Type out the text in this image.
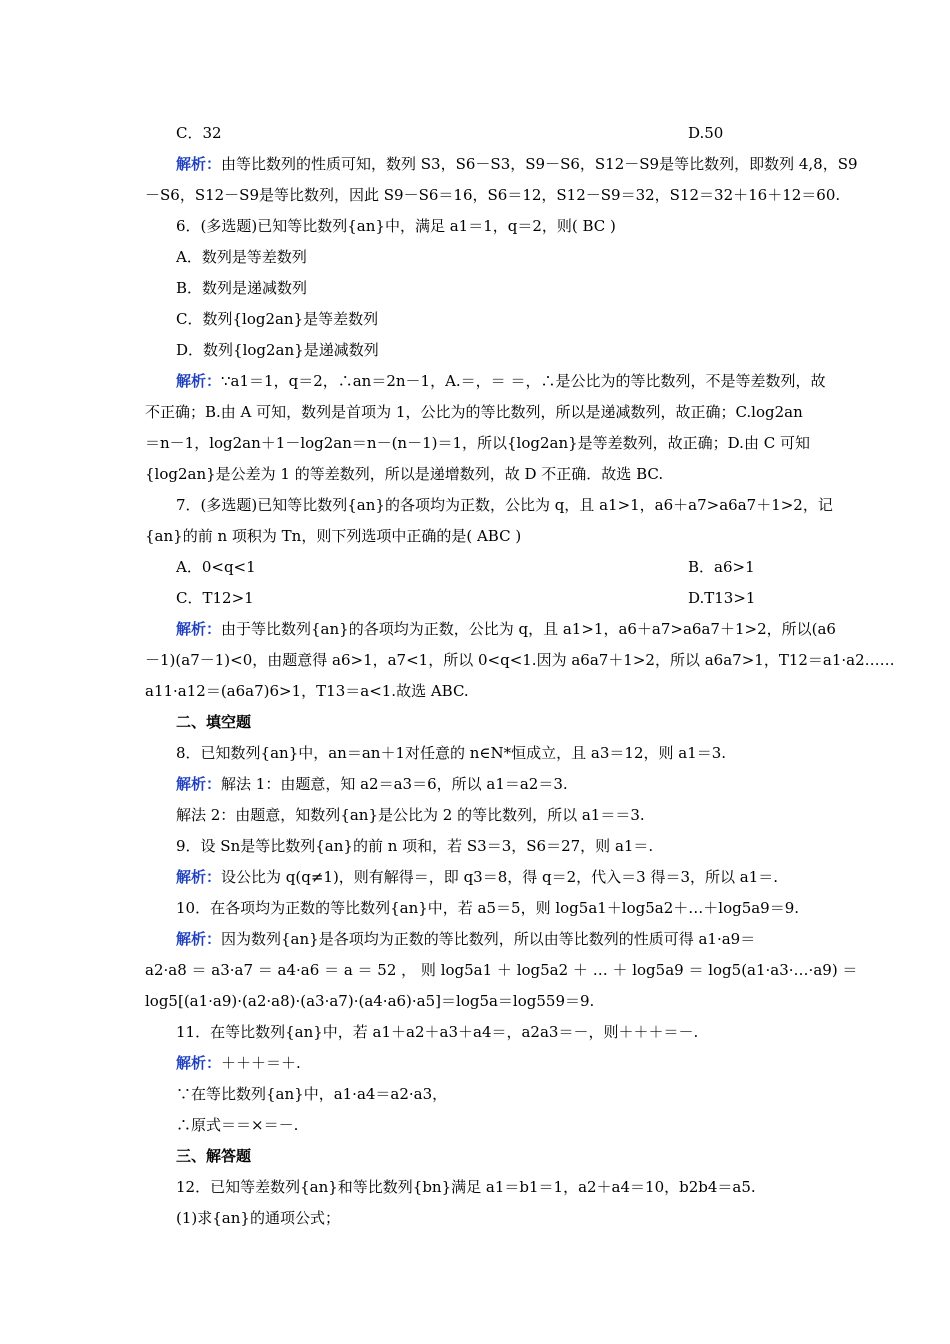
C．32	D.50
解析：由等比数列的性质可知，数列 S3，S6－S3，S9－S6，S12－S9是等比数列，即数列 4,8，S9
－S6，S12－S9是等比数列，因此 S9－S6＝16，S6＝12，S12－S9＝32，S12＝32＋16＋12＝60.
6．(多选题)已知等比数列{an}中，满足 a1＝1，q＝2，则( BC )
A．数列是等差数列
B．数列是递减数列
C．数列{log2an}是等差数列
D．数列{log2an}是递减数列
解析：∵a1＝1，q＝2，∴an＝2n－1，A.＝，＝ ＝，∴是公比为的等比数列，不是等差数列，故
不正确；B.由 A 可知，数列是首项为 1，公比为的等比数列，所以是递减数列，故正确；C.log2an
＝n－1，log2an＋1－log2an＝n－(n－1)＝1，所以{log2an}是等差数列，故正确；D.由 C 可知
{log2an}是公差为 1 的等差数列，所以是递增数列，故 D 不正确．故选 BC.
7．(多选题)已知等比数列{an}的各项均为正数，公比为 q，且 a1>1，a6＋a7>a6a7＋1>2，记
{an}的前 n 项积为 Tn，则下列选项中正确的是( ABC )
A．0<q<1	B．a6>1
C．T12>1	D.T13>1
解析：由于等比数列{an}的各项均为正数，公比为 q，且 a1>1，a6＋a7>a6a7＋1>2，所以(a6
－1)(a7－1)<0，由题意得 a6>1，a7<1，所以 0<q<1.因为 a6a7＋1>2，所以 a6a7>1，T12＝a1·a2……
a11·a12＝(a6a7)6>1，T13＝a<1.故选 ABC.
二、填空题
8．已知数列{an}中，an＝an＋1对任意的 n∈N*恒成立，且 a3＝12，则 a1＝3.
解析：解法 1：由题意，知 a2＝a3＝6，所以 a1＝a2＝3.
解法 2：由题意，知数列{an}是公比为 2 的等比数列，所以 a1＝＝3.
9．设 Sn是等比数列{an}的前 n 项和，若 S3＝3，S6＝27，则 a1＝.
解析：设公比为 q(q≠1)，则有解得＝，即 q3＝8，得 q＝2，代入＝3 得＝3，所以 a1＝.
10．在各项均为正数的等比数列{an}中，若 a5＝5，则 log5a1＋log5a2＋…＋log5a9＝9.
解析：因为数列{an}是各项均为正数的等比数列，所以由等比数列的性质可得 a1·a9＝
a2·a8 ＝ a3·a7 ＝ a4·a6 ＝ a ＝ 52 ， 则 log5a1 ＋ log5a2 ＋ … ＋ log5a9 ＝ log5(a1·a3·…·a9) ＝
log5[(a1·a9)·(a2·a8)·(a3·a7)·(a4·a6)·a5]＝log5a＝log559＝9.
11．在等比数列{an}中，若 a1＋a2＋a3＋a4＝，a2a3＝－，则＋＋＋＝－.
解析：＋＋＋＝＋.
∵在等比数列{an}中，a1·a4＝a2·a3，
∴原式＝＝×＝－.
三、解答题
12．已知等差数列{an}和等比数列{bn}满足 a1＝b1＝1，a2＋a4＝10，b2b4＝a5.
(1)求{an}的通项公式；
